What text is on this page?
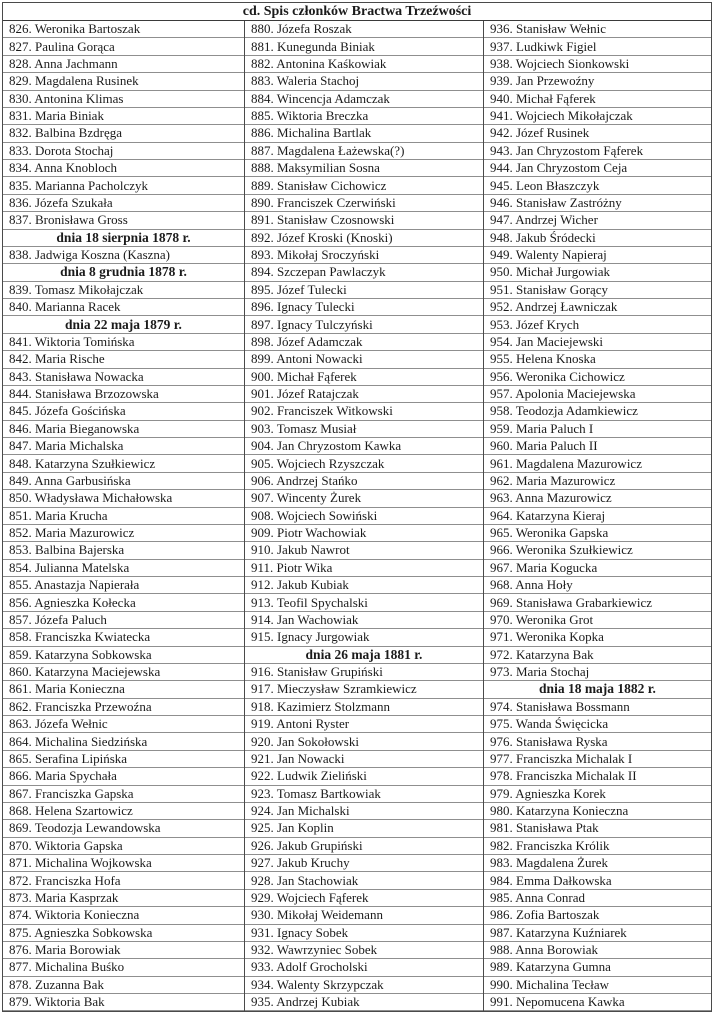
cd. Spis członków Bractwa Trzeźwości
826. Weronika Bartoszak
827. Paulina Gorąca
828. Anna Jachmann
829. Magdalena Rusinek
830. Antonina Klimas
831. Maria Biniak
832. Balbina Bzdręga
833. Dorota Stochaj
834. Anna Knobloch
835. Marianna Pacholczyk
836. Józefa Szukała
837. Bronisława Gross
dnia 18 sierpnia 1878 r.
838. Jadwiga Koszna (Kaszna)
dnia 8 grudnia 1878 r.
839. Tomasz Mikołajczak
840. Marianna Racek
dnia 22 maja 1879 r.
841. Wiktoria Tomińska
842. Maria Rische
843. Stanisława Nowacka
844. Stanisława Brzozowska
845. Józefa Gościńska
846. Maria Bieganowska
847. Maria Michalska
848. Katarzyna Szułkiewicz
849. Anna Garbusińska
850. Władysława Michałowska
851. Maria Krucha
852. Maria Mazurowicz
853. Balbina Bajerska
854. Julianna Matelska
855. Anastazja Napierała
856. Agnieszka Kołecka
857. Józefa Paluch
858. Franciszka Kwiatecka
859. Katarzyna Sobkowska
860. Katarzyna Maciejewska
861. Maria Konieczna
862. Franciszka Przewoźna
863. Józefa Wełnic
864. Michalina Siedzińska
865. Serafina Lipińska
866. Maria Spychała
867. Franciszka Gapska
868. Helena Szartowicz
869. Teodozja Lewandowska
870. Wiktoria Gapska
871. Michalina Wojkowska
872. Franciszka Hofa
873. Maria Kasprzak
874. Wiktoria Konieczna
875. Agnieszka Sobkowska
876. Maria Borowiak
877. Michalina Buśko
878. Zuzanna Bak
879. Wiktoria Bak
880. Józefa Roszak
881. Kunegunda Biniak
882. Antonina Kaśkowiak
883. Waleria Stachoj
884. Wincencja Adamczak
885. Wiktoria Breczka
886. Michalina Bartlak
887. Magdalena Łażewska(?)
888. Maksymilian Sosna
889. Stanisław Cichowicz
890. Franciszek Czerwiński
891. Stanisław Czosnowski
892. Józef Kroski (Knoski)
893. Mikołaj Sroczyński
894. Szczepan Pawlaczyk
895. Józef Tulecki
896. Ignacy Tulecki
897. Ignacy Tulczyński
898. Józef Adamczak
899. Antoni Nowacki
900. Michał Fąferek
901. Józef Ratajczak
902. Franciszek Witkowski
903. Tomasz Musiał
904. Jan Chryzostom Kawka
905. Wojciech Rzyszczak
906. Andrzej Stańko
907. Wincenty Żurek
908. Wojciech Sowiński
909. Piotr Wachowiak
910. Jakub Nawrot
911. Piotr Wika
912. Jakub Kubiak
913. Teofil Spychalski
914. Jan Wachowiak
915. Ignacy Jurgowiak
dnia 26 maja 1881 r.
916. Stanisław Grupiński
917. Mieczysław Szramkiewicz
918. Kazimierz Stolzmann
919. Antoni Ryster
920. Jan Sokołowski
921. Jan Nowacki
922. Ludwik Zieliński
923. Tomasz Bartkowiak
924. Jan Michalski
925. Jan Koplin
926. Jakub Grupiński
927. Jakub Kruchy
928. Jan Stachowiak
929. Wojciech Fąferek
930. Mikołaj Weidemann
931. Ignacy Sobek
932. Wawrzyniec Sobek
933. Adolf Grocholski
934. Walenty Skrzypczak
935. Andrzej Kubiak
936. Stanisław Wełnic
937. Ludkiwk Figiel
938. Wojciech Sionkowski
939. Jan Przewoźny
940. Michał Fąferek
941. Wojciech Mikołajczak
942. Józef Rusinek
943. Jan Chryzostom Fąferek
944. Jan Chryzostom Ceja
945. Leon Błaszczyk
946. Stanisław Zastróżny
947. Andrzej Wicher
948. Jakub Śródecki
949. Walenty Napieraj
950. Michał Jurgowiak
951. Stanisław Gorący
952. Andrzej Ławniczak
953. Józef Krych
954. Jan Maciejewski
955. Helena Knoska
956. Weronika Cichowicz
957. Apolonia Maciejewska
958. Teodozja Adamkiewicz
959. Maria Paluch I
960. Maria Paluch II
961. Magdalena Mazurowicz
962. Maria Mazurowicz
963. Anna Mazurowicz
964. Katarzyna Kieraj
965. Weronika Gapska
966. Weronika Szułkiewicz
967. Maria Kogucka
968. Anna Hoły
969. Stanisława Grabarkiewicz
970. Weronika Grot
971. Weronika Kopka
972. Katarzyna Bak
973. Maria Stochaj
dnia 18 maja 1882 r.
974. Stanisława Bossmann
975. Wanda Święcicka
976. Stanisława Ryska
977. Franciszka Michalak I
978. Franciszka Michalak II
979. Agnieszka Korek
980. Katarzyna Konieczna
981. Stanisława Ptak
982. Franciszka Królik
983. Magdalena Żurek
984. Emma Dałkowska
985. Anna Conrad
986. Zofia Bartoszak
987. Katarzyna Kuźniarek
988. Anna Borowiak
989. Katarzyna Gumna
990. Michalina Tecław
991. Nepomucena Kawka
